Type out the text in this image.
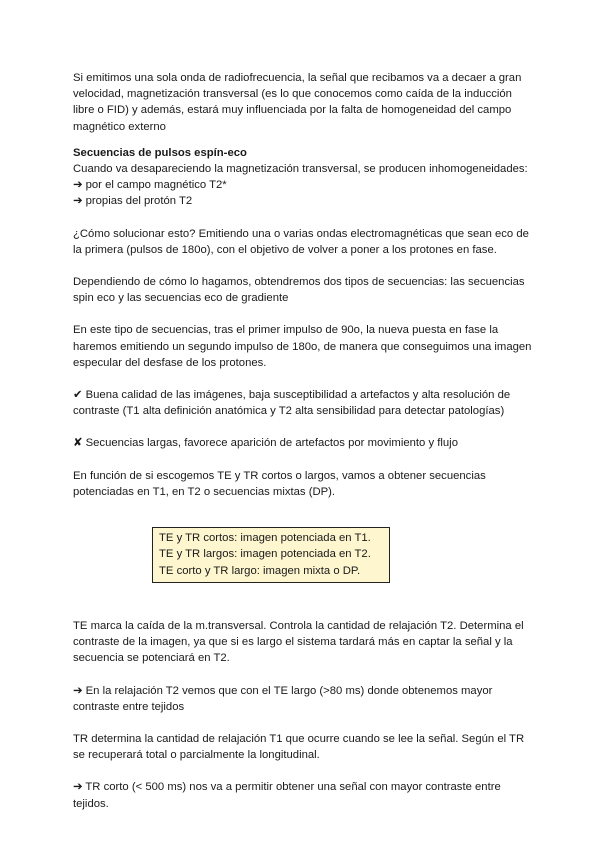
Si emitimos una sola onda de radiofrecuencia, la señal que recibamos va a decaer a gran velocidad, magnetización transversal (es lo que conocemos como caída de la inducción libre o FID) y además, estará muy influenciada por la falta de homogeneidad del campo magnético externo

Secuencias de pulsos espín-eco

Cuando va desapareciendo la magnetización transversal, se producen inhomogeneidades:

➔ por el campo magnético T2*

➔ propias del protón T2

¿Cómo solucionar esto? Emitiendo una o varias ondas electromagnéticas que sean eco de la primera (pulsos de 180o), con el objetivo de volver a poner a los protones en fase.

Dependiendo de cómo lo hagamos, obtendremos dos tipos de secuencias: las secuencias spin eco y las secuencias eco de gradiente

En este tipo de secuencias, tras el primer impulso de 90o, la nueva puesta en fase la haremos emitiendo un segundo impulso de 180o, de manera que conseguimos una imagen especular del desfase de los protones.

✔ Buena calidad de las imágenes, baja susceptibilidad a artefactos y alta resolución de contraste (T1 alta definición anatómica y T2 alta sensibilidad para detectar patologías)

✘ Secuencias largas, favorece aparición de artefactos por movimiento y flujo

En función de si escogemos TE y TR cortos o largos, vamos a obtener secuencias potenciadas en T1, en T2 o secuencias mixtas (DP).

TE y TR cortos: imagen potenciada en T1.

TE y TR largos: imagen potenciada en T2.

TE corto y TR largo: imagen mixta o DP.

TE marca la caída de la m.transversal. Controla la cantidad de relajación T2. Determina el contraste de la imagen, ya que si es largo el sistema tardará más en captar la señal y la secuencia se potenciará en T2.

➔ En la relajación T2 vemos que con el TE largo (>80 ms) donde obtenemos mayor contraste entre tejidos

TR determina la cantidad de relajación T1 que ocurre cuando se lee la señal. Según el TR se recuperará total o parcialmente la longitudinal.

➔ TR corto (< 500 ms) nos va a permitir obtener una señal con mayor contraste entre tejidos.
